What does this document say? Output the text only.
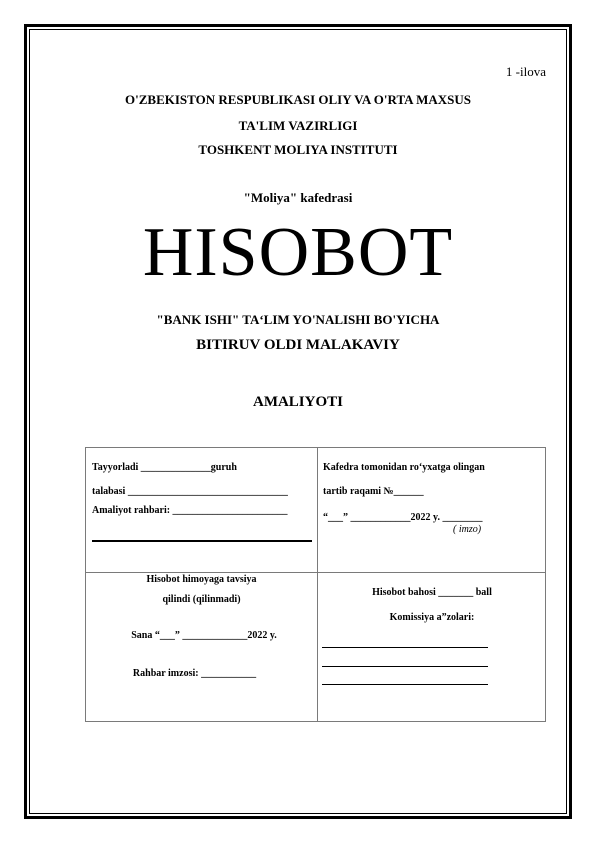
1 -ilova
O'ZBEKISTON RESPUBLIKASI OLIY VA O'RTA MAXSUS
TA'LIM VAZIRLIGI
TOSHKENT MOLIYA INSTITUTI
"Moliya" kafedrasi
HISOBOT
"BANK ISHI" TA‘LIM YO'NALISHI BO'YICHA
BITIRUV OLDI MALAKAVIY
AMALIYOTI
Tayyorladi ______________guruh
talabasi ________________________________
Amaliyot rahbari: _______________________
Kafedra tomonidan ro‘yxatga olingan
tartib raqami №______
“___” ____________2022 y. ________
( imzo)
Hisobot himoyaga tavsiya
qilindi (qilinmadi)
Sana “___” _____________2022 y.
Rahbar imzosi: ___________
Hisobot bahosi _______ ball
Komissiya a”zolari:
